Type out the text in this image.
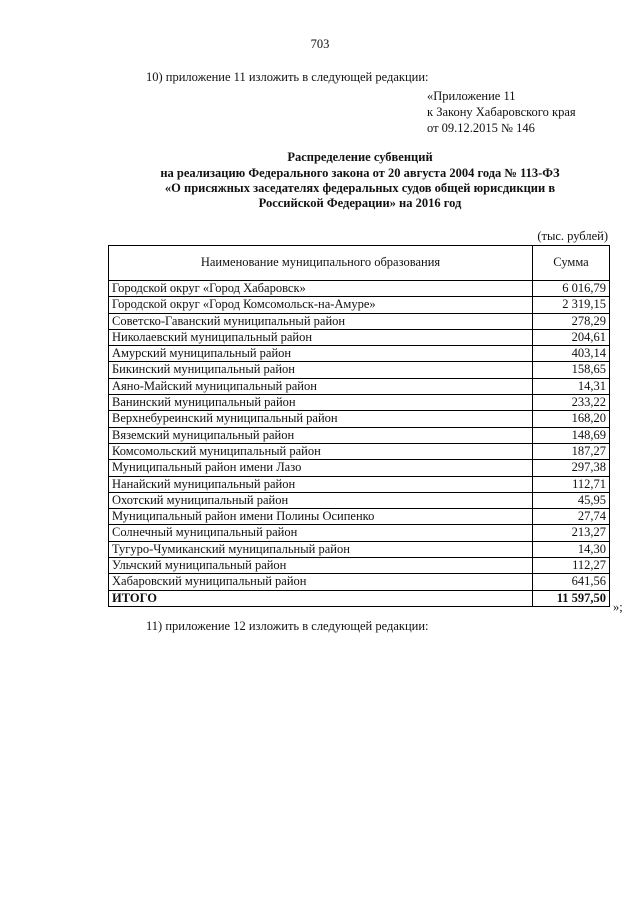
703
10) приложение 11 изложить в следующей редакции:
«Приложение 11
к Закону Хабаровского края
от 09.12.2015 № 146
Распределение субвенций
на реализацию Федерального закона от 20 августа 2004 года № 113-ФЗ
«О присяжных заседателях федеральных судов общей юрисдикции в
Российской Федерации» на 2016 год
(тыс. рублей)
Наименование муниципального образования	Сумма
Городской округ «Город Хабаровск»	6 016,79
Городской округ «Город Комсомольск-на-Амуре»	2 319,15
Советско-Гаванский муниципальный район	278,29
Николаевский муниципальный район	204,61
Амурский муниципальный район	403,14
Бикинский муниципальный район	158,65
Аяно-Майский муниципальный район	14,31
Ванинский муниципальный район	233,22
Верхнебуреинский муниципальный район	168,20
Вяземский муниципальный район	148,69
Комсомольский муниципальный район	187,27
Муниципальный район имени Лазо	297,38
Нанайский муниципальный район	112,71
Охотский муниципальный район	45,95
Муниципальный район имени Полины Осипенко	27,74
Солнечный муниципальный район	213,27
Тугуро-Чумиканский муниципальный район	14,30
Ульчский муниципальный район	112,27
Хабаровский муниципальный район	641,56
ИТОГО	11 597,50
»;
11) приложение 12 изложить в следующей редакции:
